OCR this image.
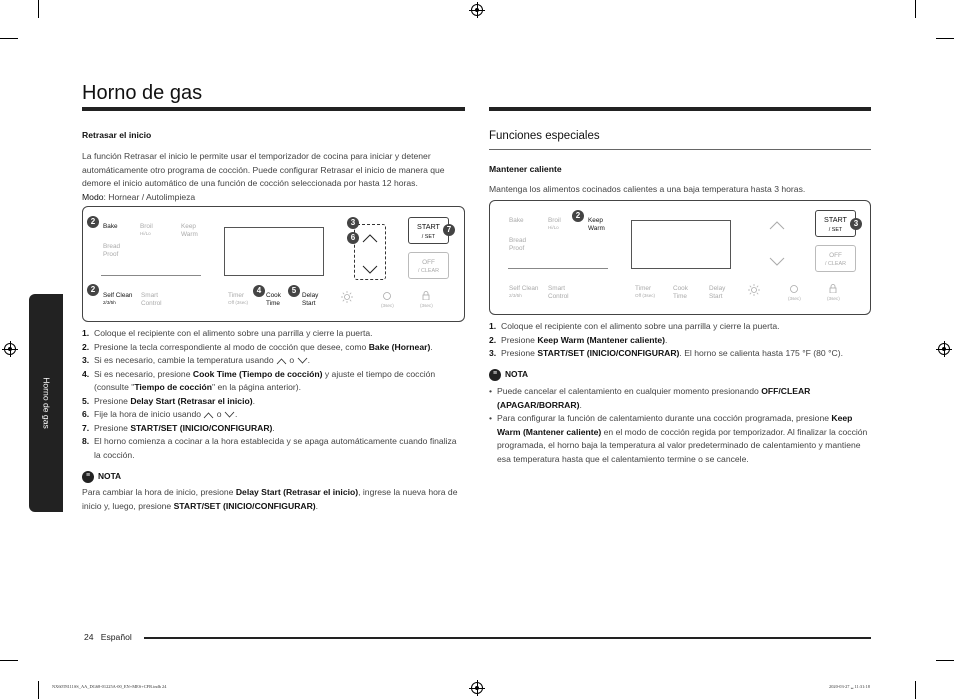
Horno de gas
Horno de gas
Retrasar el inicio
La función Retrasar el inicio le permite usar el temporizador de cocina para iniciar y detener automáticamente otro programa de cocción. Puede configurar Retrasar el inicio de manera que demore el inicio automático de una función de cocción seleccionada por hasta 12 horas.
Modo: Hornear / Autolimpieza
Bake	Broil
Hi/Lo
Keep
Warm
Bread
Proof
Self Clean
2/3/5h
Smart
Control
Timer
Off (3sec)
Cook
Time
Delay
Start
START
/ SET
OFF
/ CLEAR
(3sec)	(3sec)
2
2
3
6
7
4	5
1. Coloque el recipiente con el alimento sobre una parrilla y cierre la puerta.
2. Presione la tecla correspondiente al modo de cocción que desee, como Bake (Hornear).
3. Si es necesario, cambie la temperatura usando  o .
4. Si es necesario, presione Cook Time (Tiempo de cocción) y ajuste el tiempo de cocción (consulte "Tiempo de cocción" en la página anterior).
5. Presione Delay Start (Retrasar el inicio).
6. Fije la hora de inicio usando  o .
7. Presione START/SET (INICIO/CONFIGURAR).
8. El horno comienza a cocinar a la hora establecida y se apaga automáticamente cuando finaliza la cocción.
≡ NOTA
Para cambiar la hora de inicio, presione Delay Start (Retrasar el inicio), ingrese la nueva hora de inicio y, luego, presione START/SET (INICIO/CONFIGURAR).
Funciones especiales
Mantener caliente
Mantenga los alimentos cocinados calientes a una baja temperatura hasta 3 horas.
Bake	Broil
Hi/Lo
Keep
Warm
Bread
Proof
Self Clean
2/3/5h
Smart
Control
Timer
Off (3sec)
Cook
Time
Delay
Start
START
/ SET
OFF
/ CLEAR
(3sec)	(3sec)
2
3
1. Coloque el recipiente con el alimento sobre una parrilla y cierre la puerta.
2. Presione Keep Warm (Mantener caliente).
3. Presione START/SET (INICIO/CONFIGURAR). El horno se calienta hasta 175 °F (80 °C).
≡ NOTA
• Puede cancelar el calentamiento en cualquier momento presionando OFF/CLEAR (APAGAR/BORRAR).
• Para configurar la función de calentamiento durante una cocción programada, presione Keep Warm (Mantener caliente) en el modo de cocción regida por temporizador. Al finalizar la cocción programada, el horno baja la temperatura al valor predeterminado de calentamiento y mantiene esa temperatura hasta que el calentamiento termine o se cancele.
24 Español
NX60T8111SS_AA_DG68-01225A-00_EN+MES+CFR.indb 24	2020-03-27 ␣ 11:31:18
